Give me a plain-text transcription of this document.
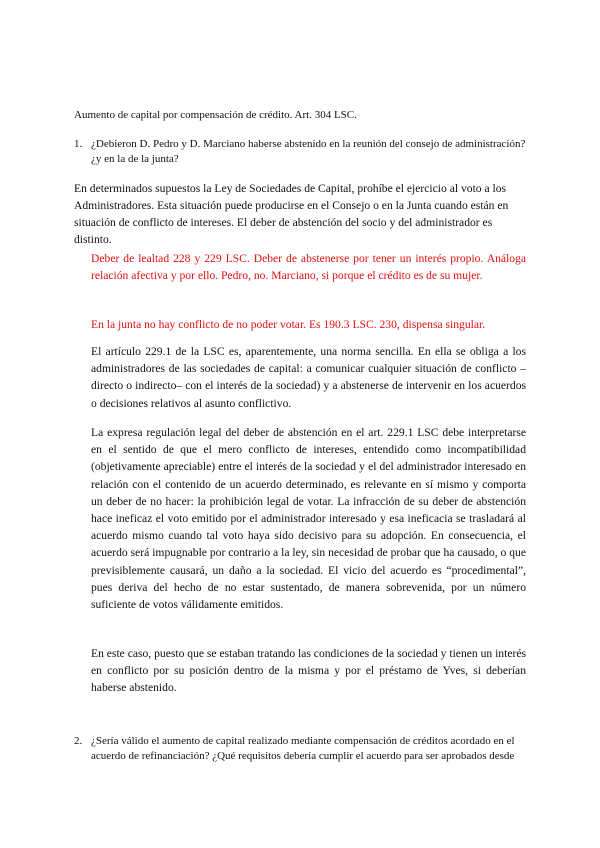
Aumento de capital por compensación de crédito. Art. 304 LSC.
1. ¿Debieron D. Pedro y D. Marciano haberse abstenido en la reunión del consejo de administración? ¿y en la de la junta?
En determinados supuestos la Ley de Sociedades de Capital, prohíbe el ejercicio al voto a los Administradores. Esta situación puede producirse en el Consejo o en la Junta cuando están en situación de conflicto de intereses. El deber de abstención del socio y del administrador es distinto.
Deber de lealtad 228 y 229 LSC. Deber de abstenerse por tener un interés propio. Análoga relación afectiva y por ello. Pedro, no. Marciano, si porque el crédito es de su mujer.
En la junta no hay conflicto de no poder votar. Es 190.3 LSC. 230, dispensa singular.
El artículo 229.1 de la LSC es, aparentemente, una norma sencilla. En ella se obliga a los administradores de las sociedades de capital: a comunicar cualquier situación de conflicto –directo o indirecto– con el interés de la sociedad) y a abstenerse de intervenir en los acuerdos o decisiones relativos al asunto conflictivo.
La expresa regulación legal del deber de abstención en el art. 229.1 LSC debe interpretarse en el sentido de que el mero conflicto de intereses, entendido como incompatibilidad (objetivamente apreciable) entre el interés de la sociedad y el del administrador interesado en relación con el contenido de un acuerdo determinado, es relevante en sí mismo y comporta un deber de no hacer: la prohibición legal de votar. La infracción de su deber de abstención hace ineficaz el voto emitido por el administrador interesado y esa ineficacia se trasladará al acuerdo mismo cuando tal voto haya sido decisivo para su adopción. En consecuencia, el acuerdo será impugnable por contrario a la ley, sin necesidad de probar que ha causado, o que previsiblemente causará, un daño a la sociedad. El vicio del acuerdo es “procedimental”, pues deriva del hecho de no estar sustentado, de manera sobrevenida, por un número suficiente de votos válidamente emitidos.
En este caso, puesto que se estaban tratando las condiciones de la sociedad y tienen un interés en conflicto por su posición dentro de la misma y por el préstamo de Yves, si deberían haberse abstenido.
2. ¿Sería válido el aumento de capital realizado mediante compensación de créditos acordado en el acuerdo de refinanciación? ¿Qué requisitos debería cumplir el acuerdo para ser aprobados desde
